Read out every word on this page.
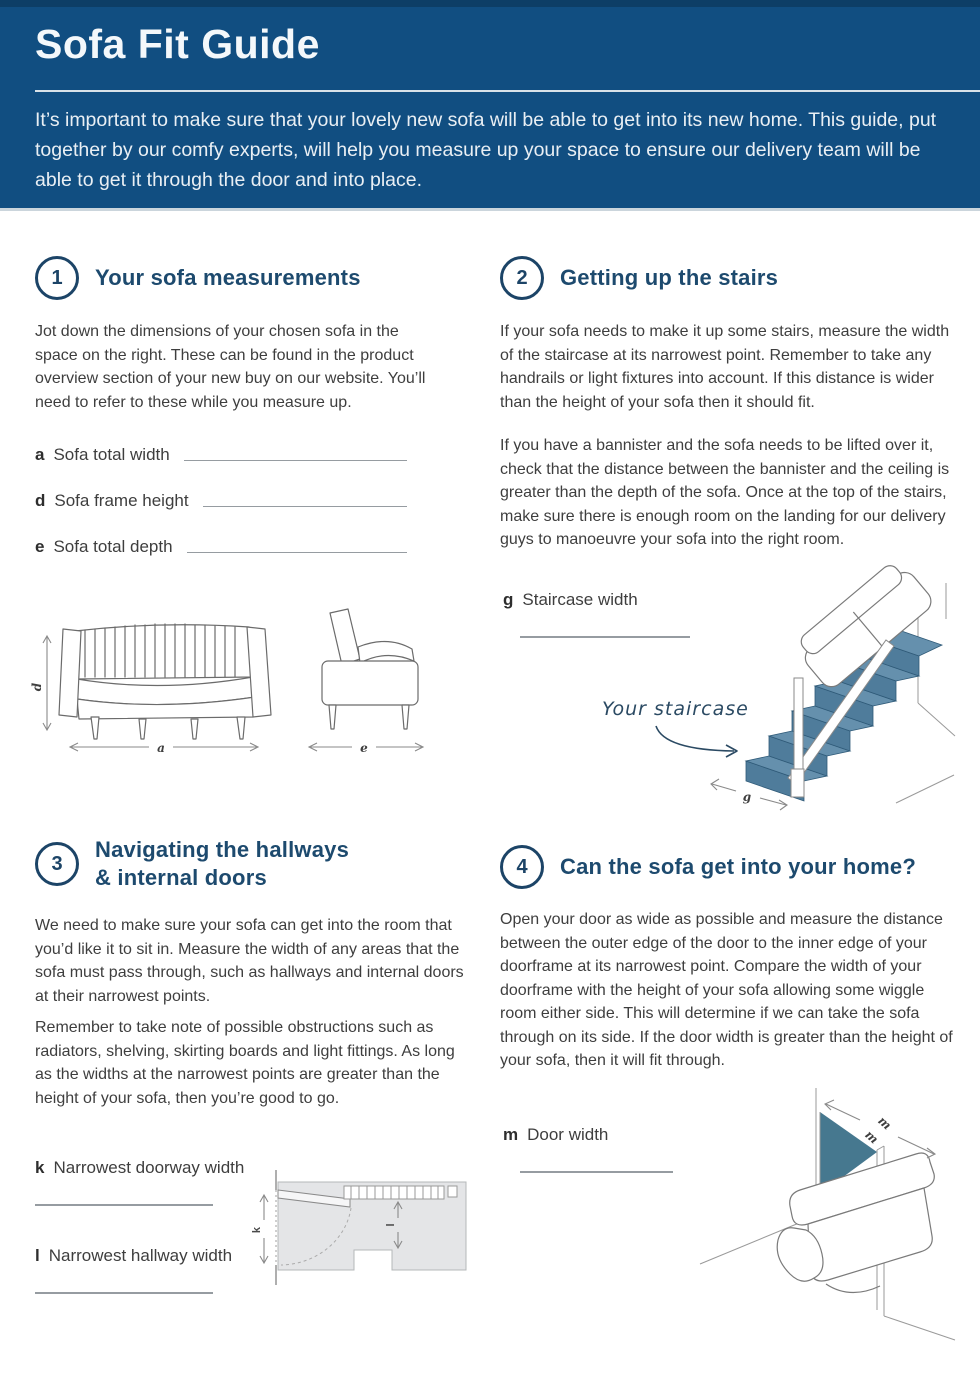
Sofa Fit Guide
It’s important to make sure that your lovely new sofa will be able to get into its new home. This guide, put together by our comfy experts, will help you measure up your space to ensure our delivery team will be able to get it through the door and into place.
1	Your sofa measurements
Jot down the dimensions of your chosen sofa in the space on the right. These can be found in the product overview section of your new buy on our website. You’ll need to refer to these while you measure up.
a Sofa total width
d Sofa frame height
e Sofa total depth
d
a	e
2	Getting up the stairs
If your sofa needs to make it up some stairs, measure the width of the staircase at its narrowest point. Remember to take any handrails or light fixtures into account. If this distance is wider than the height of your sofa then it should fit.
If you have a bannister and the sofa needs to be lifted over it, check that the distance between the bannister and the ceiling is greater than the depth of the sofa. Once at the top of the stairs, make sure there is enough room on the landing for our delivery guys to manoeuvre your sofa into the right room.
g Staircase width
Your staircase
g
3
Navigating the hallways
& internal doors
We need to make sure your sofa can get into the room that you’d like it to sit in. Measure the width of any areas that the sofa must pass through, such as hallways and internal doors at their narrowest points.
Remember to take note of possible obstructions such as radiators, shelving, skirting boards and light fittings. As long as the widths at the narrowest points are greater than the height of your sofa, then you’re good to go.
k Narrowest doorway width
l Narrowest hallway width
k
l
4	Can the sofa get into your home?
Open your door as wide as possible and measure the distance between the outer edge of the door to the inner edge of your doorframe at its narrowest point. Compare the width of your doorframe with the height of your sofa allowing some wiggle room either side. This will determine if we can take the sofa through on its side. If the door width is greater than the height of your sofa, then it will fit through.
m Door width
m
m
